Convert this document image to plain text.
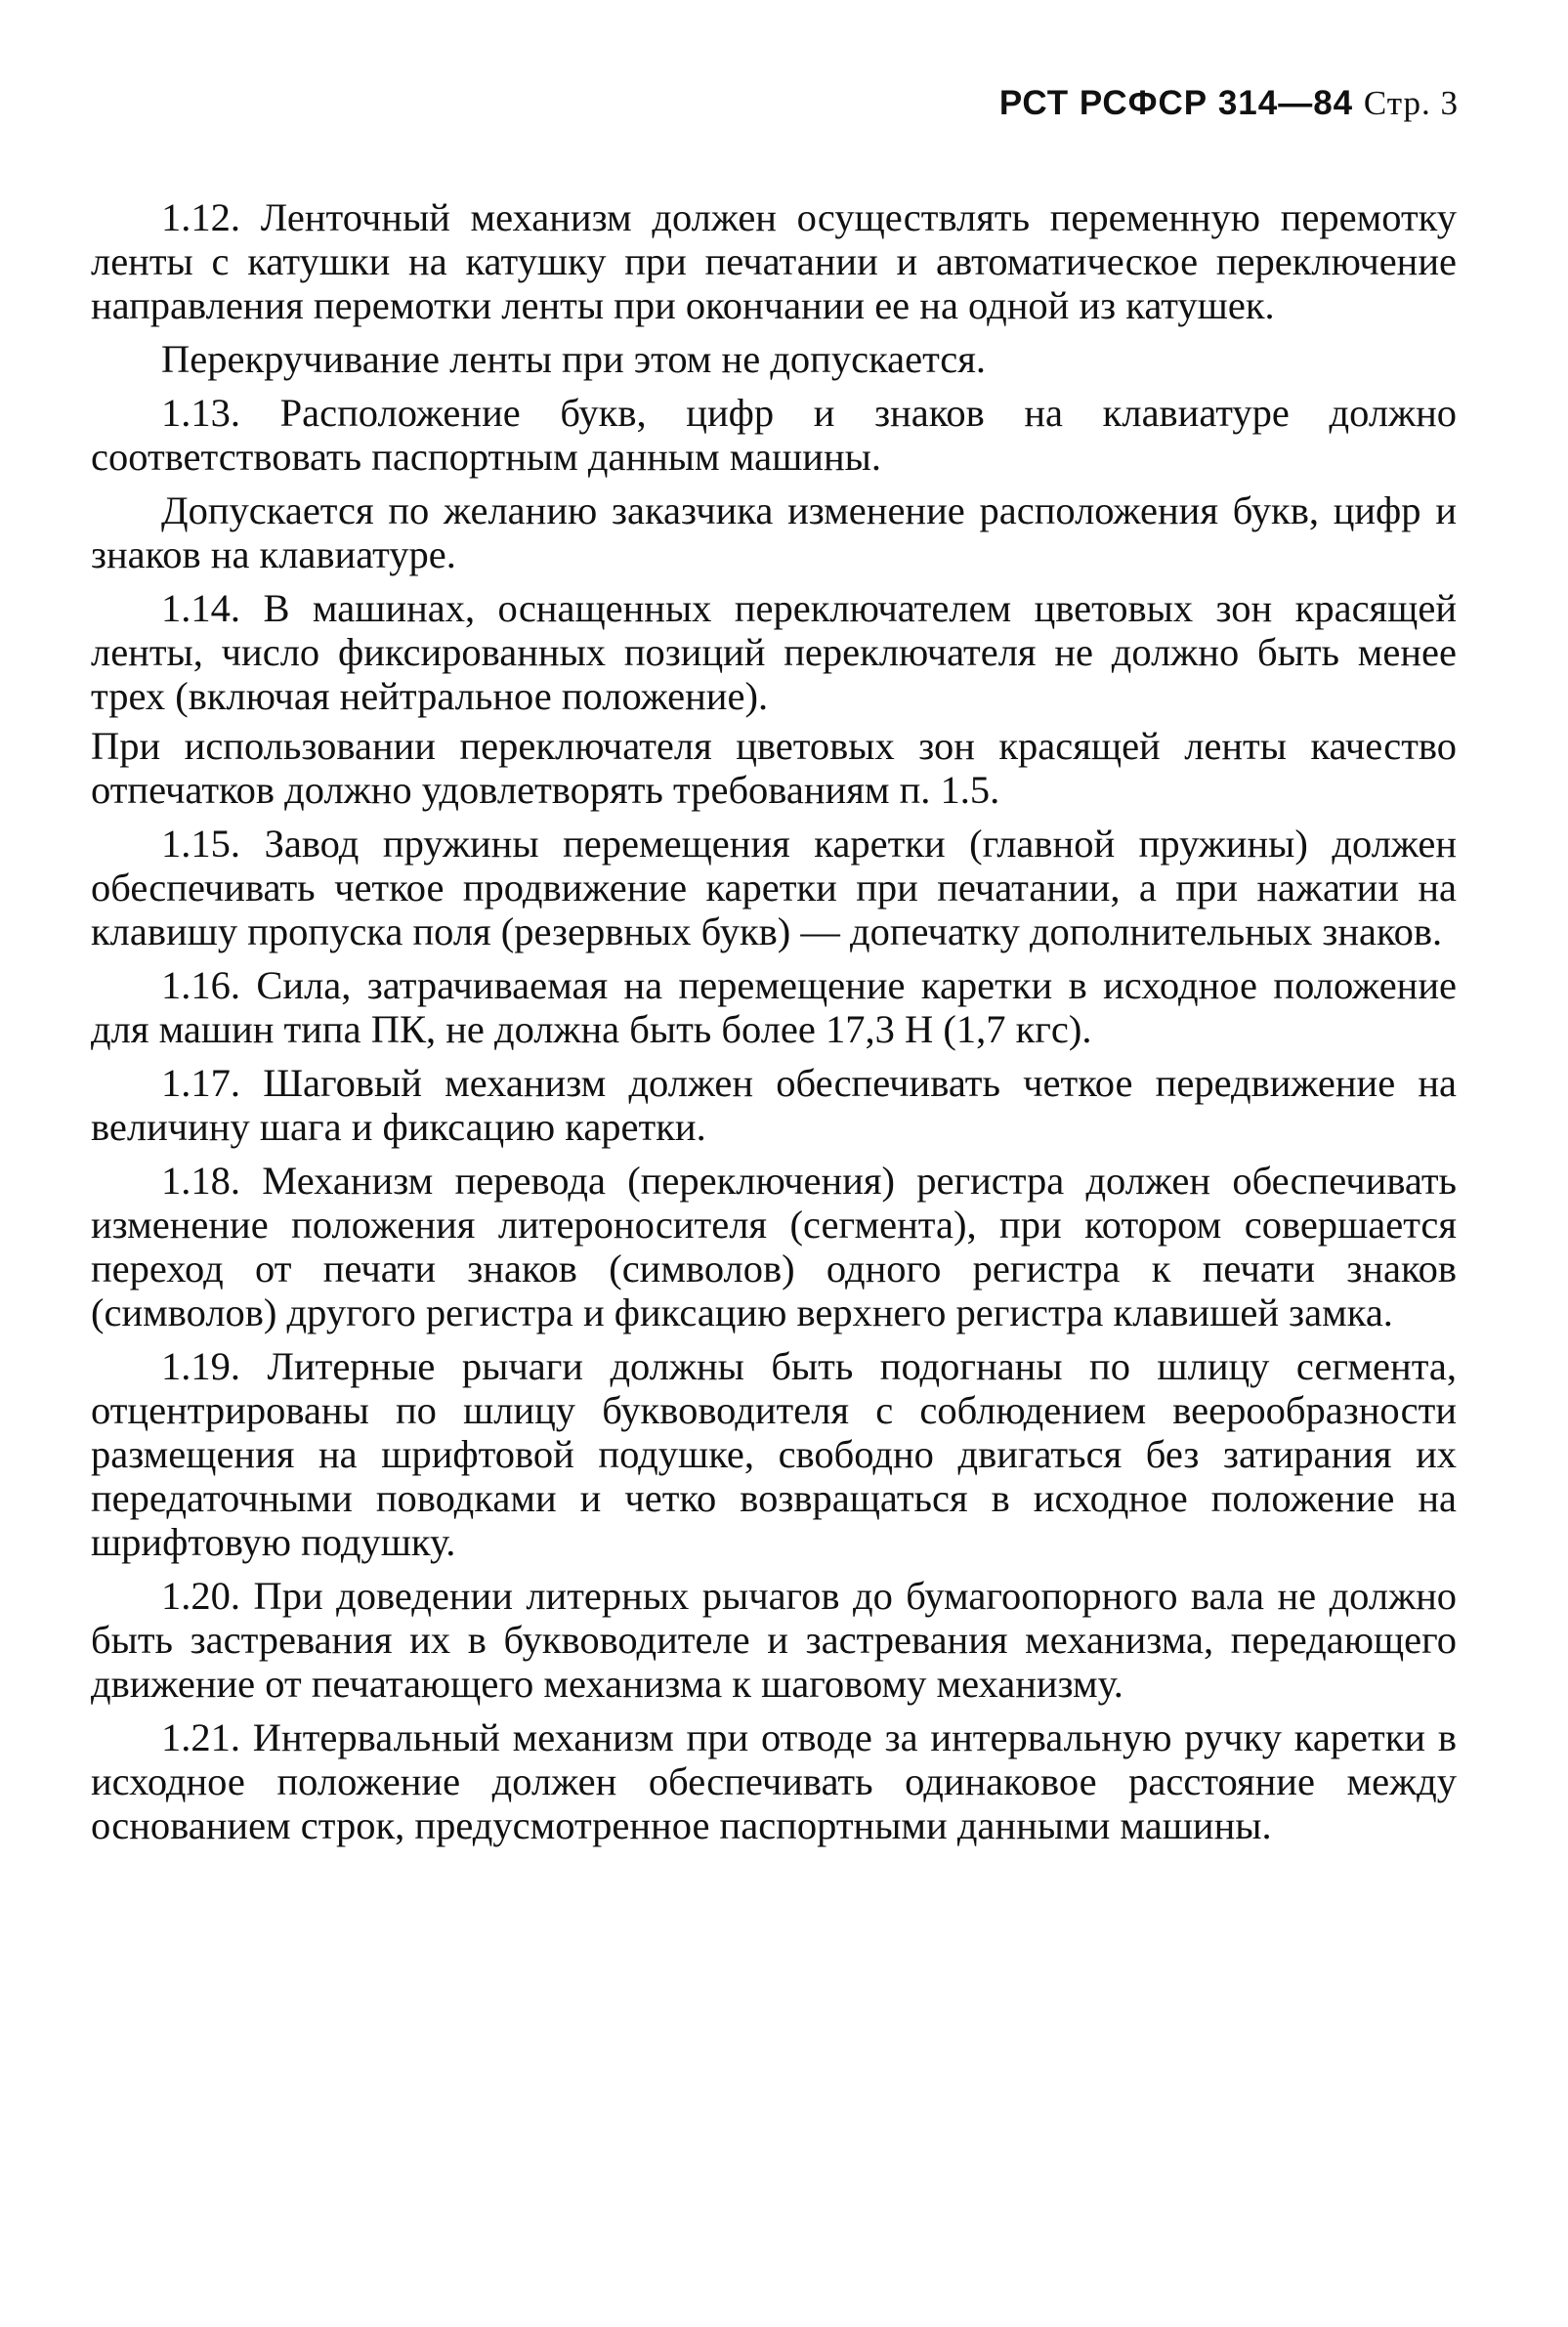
РСТ РСФСР 314—84 Стр. 3

1.12. Ленточный механизм должен осуществлять переменную перемотку ленты с катушки на катушку при печатании и автоматическое переключение направления перемотки ленты при окончании ее на одной из катушек.

Перекручивание ленты при этом не допускается.

1.13. Расположение букв, цифр и знаков на клавиатуре должно соответствовать паспортным данным машины.

Допускается по желанию заказчика изменение расположения букв, цифр и знаков на клавиатуре.

1.14. В машинах, оснащенных переключателем цветовых зон красящей ленты, число фиксированных позиций переключателя не должно быть менее трех (включая нейтральное положение).

При использовании переключателя цветовых зон красящей ленты качество отпечатков должно удовлетворять требованиям п. 1.5.

1.15. Завод пружины перемещения каретки (главной пружины) должен обеспечивать четкое продвижение каретки при печатании, а при нажатии на клавишу пропуска поля (резервных букв) — допечатку дополнительных знаков.

1.16. Сила, затрачиваемая на перемещение каретки в исходное положение для машин типа ПК, не должна быть более 17,3 Н (1,7 кгс).

1.17. Шаговый механизм должен обеспечивать четкое передвижение на величину шага и фиксацию каретки.

1.18. Механизм перевода (переключения) регистра должен обеспечивать изменение положения литероносителя (сегмента), при котором совершается переход от печати знаков (символов) одного регистра к печати знаков (символов) другого регистра и фиксацию верхнего регистра клавишей замка.

1.19. Литерные рычаги должны быть подогнаны по шлицу сегмента, отцентрированы по шлицу буквоводителя с соблюдением веерообразности размещения на шрифтовой подушке, свободно двигаться без затирания их передаточными поводками и четко возвращаться в исходное положение на шрифтовую подушку.

1.20. При доведении литерных рычагов до бумагоопорного вала не должно быть застревания их в буквоводителе и застревания механизма, передающего движение от печатающего механизма к шаговому механизму.

1.21. Интервальный механизм при отводе за интервальную ручку каретки в исходное положение должен обеспечивать одинаковое расстояние между основанием строк, предусмотренное паспортными данными машины.
